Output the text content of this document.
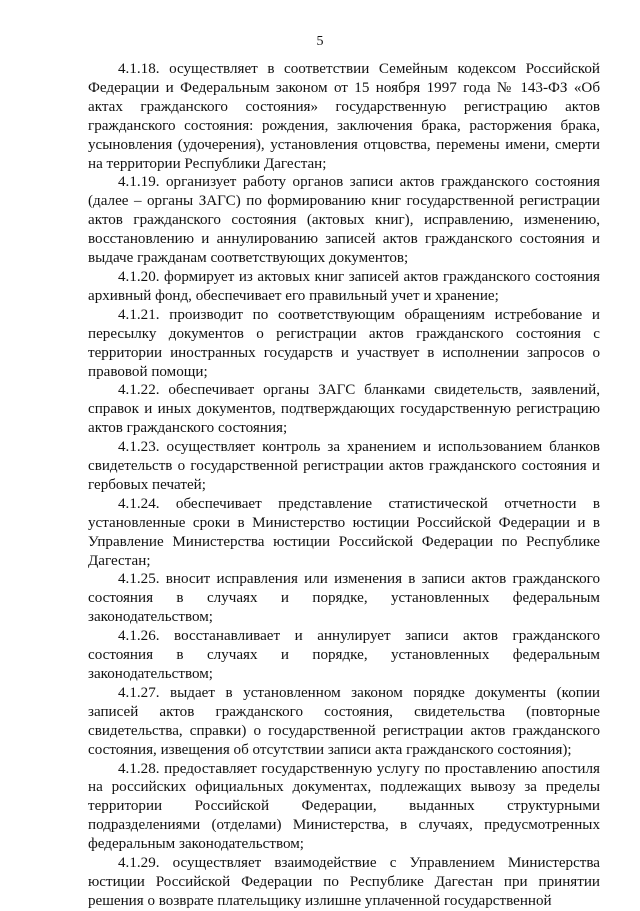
5

4.1.18. осуществляет в соответствии Семейным кодексом Российской Федерации и Федеральным законом от 15 ноября 1997 года № 143-ФЗ «Об актах гражданского состояния» государственную регистрацию актов гражданского состояния: рождения, заключения брака, расторжения брака, усыновления (удочерения), установления отцовства, перемены имени, смерти на территории Республики Дагестан;

4.1.19. организует работу органов записи актов гражданского состояния (далее – органы ЗАГС) по формированию книг государственной регистрации актов гражданского состояния (актовых книг), исправлению, изменению, восстановлению и аннулированию записей актов гражданского состояния и выдаче гражданам соответствующих документов;

4.1.20. формирует из актовых книг записей актов гражданского состояния архивный фонд, обеспечивает его правильный учет и хранение;

4.1.21. производит по соответствующим обращениям истребование и пересылку документов о регистрации актов гражданского состояния с территории иностранных государств и участвует в исполнении запросов о правовой помощи;

4.1.22. обеспечивает органы ЗАГС бланками свидетельств, заявлений, справок и иных документов, подтверждающих государственную регистрацию актов гражданского состояния;

4.1.23. осуществляет контроль за хранением и использованием бланков свидетельств о государственной регистрации актов гражданского состояния и гербовых печатей;

4.1.24. обеспечивает представление статистической отчетности в установленные сроки в Министерство юстиции Российской Федерации и в Управление Министерства юстиции Российской Федерации по Республике Дагестан;

4.1.25. вносит исправления или изменения в записи актов гражданского состояния в случаях и порядке, установленных федеральным законодательством;

4.1.26. восстанавливает и аннулирует записи актов гражданского состояния в случаях и порядке, установленных федеральным законодательством;

4.1.27. выдает в установленном законом порядке документы (копии записей актов гражданского состояния, свидетельства (повторные свидетельства, справки) о государственной регистрации актов гражданского состояния, извещения об отсутствии записи акта гражданского состояния);

4.1.28. предоставляет государственную услугу по проставлению апостиля на российских официальных документах, подлежащих вывозу за пределы территории Российской Федерации, выданных структурными подразделениями (отделами) Министерства, в случаях, предусмотренных федеральным законодательством;

4.1.29. осуществляет взаимодействие с Управлением Министерства юстиции Российской Федерации по Республике Дагестан при принятии решения о возврате плательщику излишне уплаченной государственной
